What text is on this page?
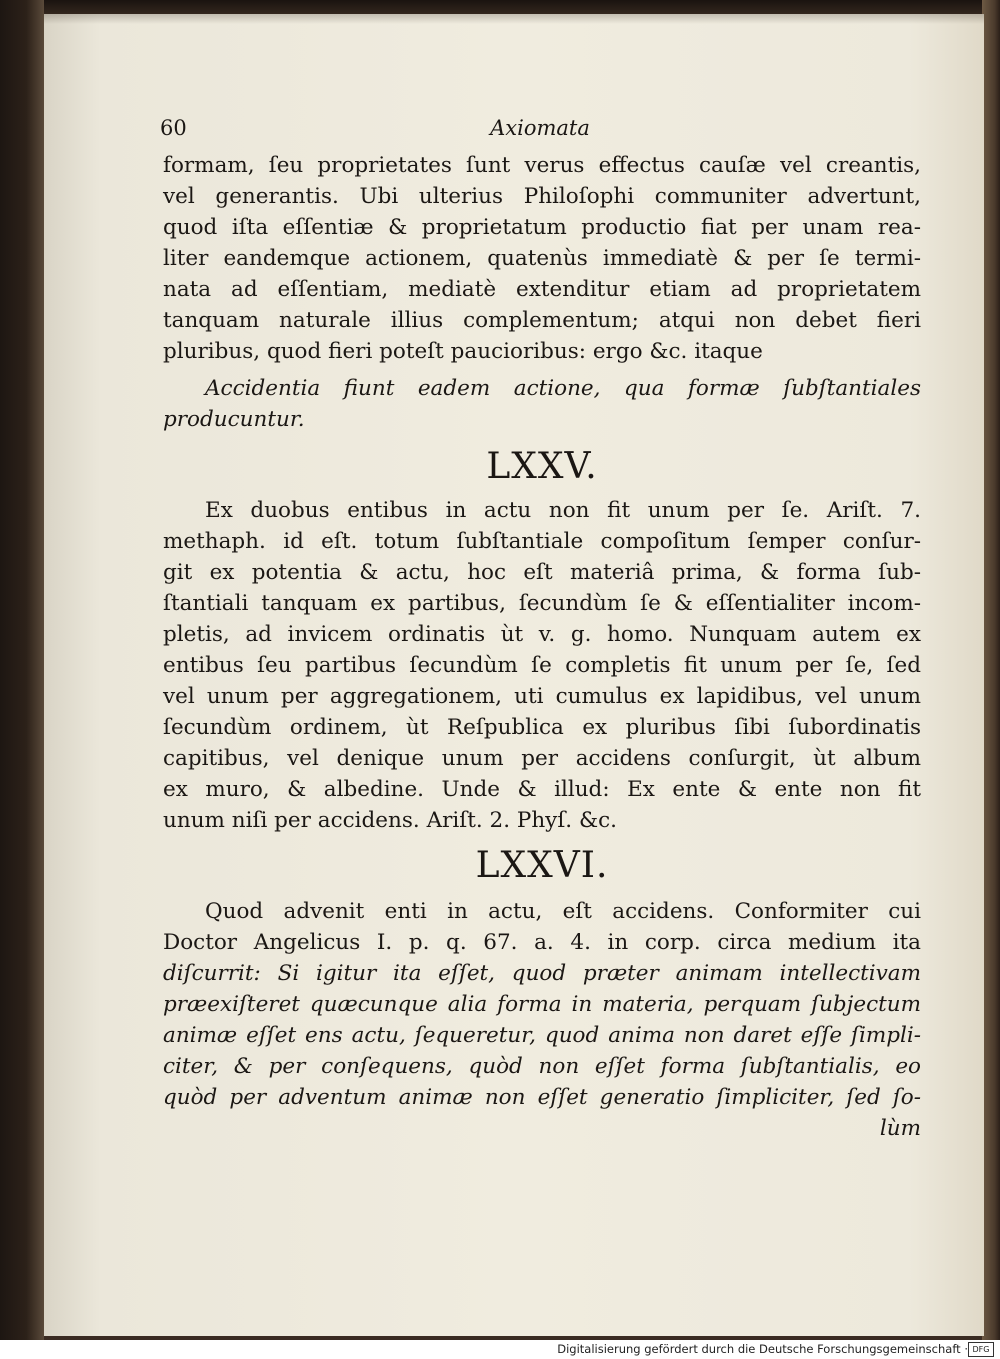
60	Axiomata
formam, ſeu proprietates ſunt verus effectus cauſæ vel creantis,
vel generantis. Ubi ulterius Philoſophi communiter advertunt,
quod iſta eſſentiæ & proprietatum productio fiat per unam rea-
liter eandemque actionem, quatenùs immediatè & per ſe termi-
nata ad eſſentiam, mediatè extenditur etiam ad proprietatem
tanquam naturale illius complementum; atqui non debet fieri
pluribus, quod fieri poteſt paucioribus: ergo &c. itaque
Accidentia fiunt eadem actione, qua formæ ſubſtantiales
producuntur.
LXXV.
Ex duobus entibus in actu non fit unum per ſe. Ariſt. 7.
methaph. id eſt. totum ſubſtantiale compoſitum ſemper conſur-
git ex potentia & actu, hoc eſt materiâ prima, & forma ſub-
ſtantiali tanquam ex partibus, ſecundùm ſe & eſſentialiter incom-
pletis, ad invicem ordinatis ùt v. g. homo. Nunquam autem ex
entibus ſeu partibus ſecundùm ſe completis fit unum per ſe, ſed
vel unum per aggregationem, uti cumulus ex lapidibus, vel unum
ſecundùm ordinem, ùt Reſpublica ex pluribus ſibi ſubordinatis
capitibus, vel denique unum per accidens conſurgit, ùt album
ex muro, & albedine. Unde & illud: Ex ente & ente non fit
unum niſi per accidens. Ariſt. 2. Phyſ. &c.
LXXVI.
Quod advenit enti in actu, eſt accidens. Conformiter cui
Doctor Angelicus I. p. q. 67. a. 4. in corp. circa medium ita
diſcurrit: Si igitur ita eſſet, quod præter animam intellectivam
præexiſteret quæcunque alia forma in materia, perquam ſubjectum
animæ eſſet ens actu, ſequeretur, quod anima non daret eſſe ſimpli-
citer, & per conſequens, quòd non eſſet forma ſubſtantialis, eo
quòd per adventum animæ non eſſet generatio ſimpliciter, ſed ſo-
lùm
Digitalisierung gefördert durch die Deutsche Forschungsgemeinschaft · DFG
